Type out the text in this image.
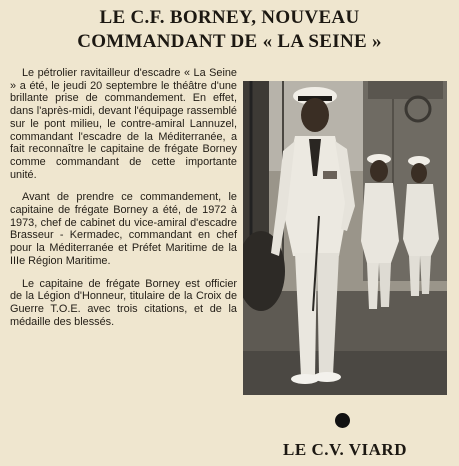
LE C.F. BORNEY, NOUVEAU
COMMANDANT DE « LA SEINE »

Le pétrolier ravitailleur d'escadre « La Seine » a été, le jeudi 20 septembre le théâtre d'une brillante prise de commandement. En effet, dans l'après-midi, devant l'équipage rassemblé sur le pont milieu, le contre-amiral Lannuzel, commandant l'escadre de la Méditerranée, a fait reconnaître le capitaine de frégate Borney comme commandant de cette importante unité.

Avant de prendre ce commandement, le capitaine de frégate Borney a été, de 1972 à 1973, chef de cabinet du vice-amiral d'escadre Brasseur - Kermadec, commandant en chef pour la Méditerranée et Préfet Maritime de la IIIe Région Maritime.

Le capitaine de frégate Borney est officier de la Légion d'Honneur, titulaire de la Croix de Guerre T.O.E. avec trois citations, et de la médaille des blessés.

LE C.V. VIARD
